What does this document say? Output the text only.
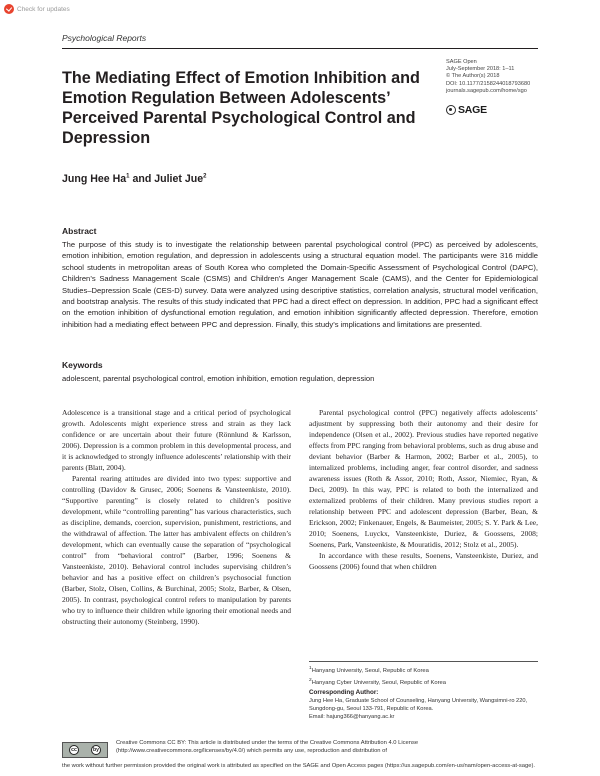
Check for updates
Psychological Reports
The Mediating Effect of Emotion Inhibition and Emotion Regulation Between Adolescents’ Perceived Parental Psychological Control and Depression
SAGE Open
July-September 2018: 1–11
© The Author(s) 2018
DOI: 10.1177/2158244018793680
journals.sagepub.com/home/sgo
SAGE
Jung Hee Ha$^1$ and Juliet Jue$^2$
Abstract
The purpose of this study is to investigate the relationship between parental psychological control (PPC) as perceived by adolescents, emotion inhibition, emotion regulation, and depression in adolescents using a structural equation model. The participants were 316 middle school students in metropolitan areas of South Korea who completed the Domain-Specific Assessment of Psychological Control (DAPC), Children’s Sadness Management Scale (CSMS) and Children’s Anger Management Scale (CAMS), and the Center for Epidemiological Studies–Depression Scale (CES-D) survey. Data were analyzed using descriptive statistics, correlation analysis, structural model verification, and bootstrap analysis. The results of this study indicated that PPC had a direct effect on depression. In addition, PPC had a significant effect on the emotion inhibition of dysfunctional emotion regulation, and emotion inhibition significantly affected depression. Therefore, emotion inhibition had a mediating effect between PPC and depression. Finally, this study’s implications and limitations are presented.
Keywords
adolescent, parental psychological control, emotion inhibition, emotion regulation, depression

Adolescence is a transitional stage and a critical period of psychological growth. Adolescents might experience stress and strain as they lack confidence or are uncertain about their future (Rönnlund & Karlsson, 2006). Depression is a common problem in this developmental process, and it is acknowledged to strongly influence adolescents’ relationship with their parents (Blatt, 2004).

Parental rearing attitudes are divided into two types: supportive and controlling (Davidov & Grusec, 2006; Soenens & Vansteenkiste, 2010). “Supportive parenting” is closely related to children’s positive development, while “controlling parenting” has various characteristics, such as discipline, demands, coercion, supervision, punishment, restrictions, and the withdrawal of affection. The latter has ambivalent effects on children’s development, which can eventually cause the separation of “psychological control” from “behavioral control” (Barber, 1996; Soenens & Vansteenkiste, 2010). Behavioral control includes supervising children’s behavior and has a positive effect on children’s psychosocial function (Barber, Stolz, Olsen, Collins, & Burchinal, 2005; Stolz, Barber, & Olsen, 2005). In contrast, psychological control refers to manipulation by parents who try to influence their children while ignoring their emotional needs and obstructing their autonomy (Steinberg, 1990).

Parental psychological control (PPC) negatively affects adolescents’ adjustment by suppressing both their autonomy and their desire for independence (Olsen et al., 2002). Previous studies have reported negative effects from PPC ranging from behavioral problems, such as drug abuse and deviant behavior (Barber & Harmon, 2002; Barber et al., 2005), to internalized problems, including anger, fear control disorder, and sadness awareness issues (Roth & Assor, 2010; Roth, Assor, Niemiec, Ryan, & Deci, 2009). In this way, PPC is related to both the internalized and externalized problems of their children. Many previous studies report a relationship between PPC and adolescent depression (Barber, Bean, & Erickson, 2002; Finkenauer, Engels, & Baumeister, 2005; S. Y. Park & Lee, 2010; Soenens, Luyckx, Vansteenkiste, Duriez, & Goossens, 2008; Soenens, Park, Vansteenkiste, & Mouratidis, 2012; Stolz et al., 2005).

In accordance with these results, Soenens, Vansteenkiste, Duriez, and Goossens (2006) found that when children

$^1$Hanyang University, Seoul, Republic of Korea
$^2$Hanyang Cyber University, Seoul, Republic of Korea
Corresponding Author:
Jung Hee Ha, Graduate School of Counseling, Hanyang University, Wangsimni-ro 220, Sungdong-gu, Seoul 133-791, Republic of Korea.
Email: hajung366@hanyang.ac.kr
cc	by
Creative Commons CC BY: This article is distributed under the terms of the Creative Commons Attribution 4.0 License (http://www.creativecommons.org/licenses/by/4.0/) which permits any use, reproduction and distribution of
the work without further permission provided the original work is attributed as specified on the SAGE and Open Access pages (https://us.sagepub.com/en-us/nam/open-access-at-sage).
